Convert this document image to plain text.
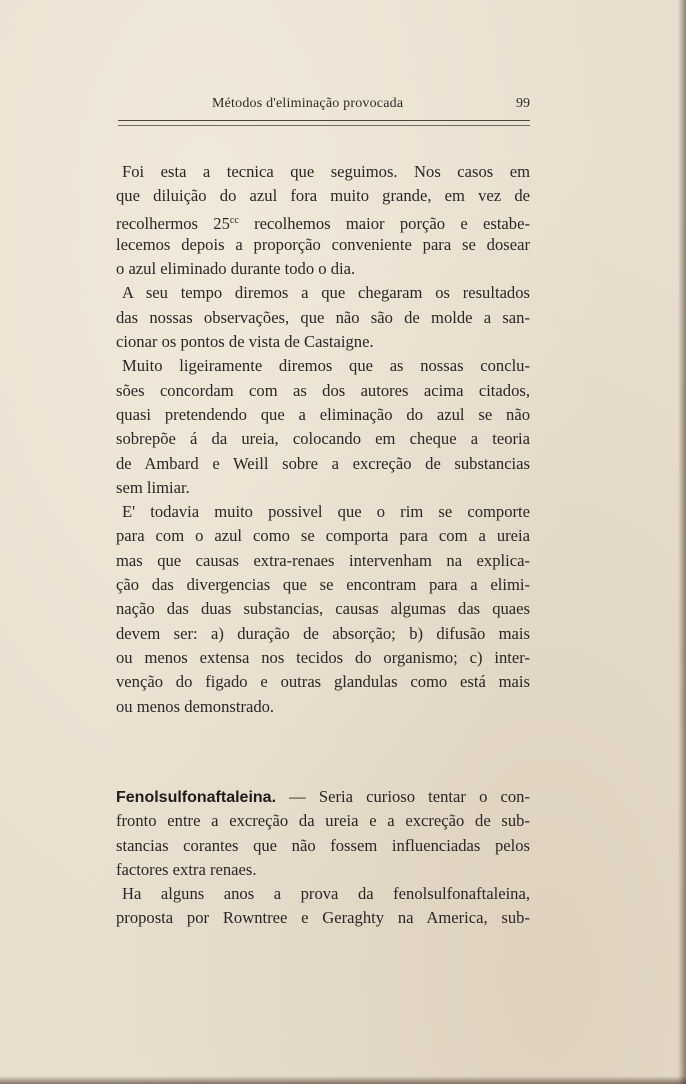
Métodos d'eliminação provocada	99
Foi esta a tecnica que seguimos. Nos casos em
que diluição do azul fora muito grande, em vez de
recolhermos $25^{cc}$ recolhemos maior porção e estabe-
lecemos depois a proporção conveniente para se dosear
o azul eliminado durante todo o dia.
A seu tempo diremos a que chegaram os resultados
das nossas observações, que não são de molde a san-
cionar os pontos de vista de Castaigne.
Muito ligeiramente diremos que as nossas conclu-
sões concordam com as dos autores acima citados,
quasi pretendendo que a eliminação do azul se não
sobrepõe á da ureia, colocando em cheque a teoria
de Ambard e Weill sobre a excreção de substancias
sem limiar.
E' todavia muito possivel que o rim se comporte
para com o azul como se comporta para com a ureia
mas que causas extra-renaes intervenham na explica-
ção das divergencias que se encontram para a elimi-
nação das duas substancias, causas algumas das quaes
devem ser: a) duração de absorção; b) difusão mais
ou menos extensa nos tecidos do organismo; c) inter-
venção do figado e outras glandulas como está mais
ou menos demonstrado.
Fenolsulfonaftaleina. — Seria curioso tentar o con-
fronto entre a excreção da ureia e a excreção de sub-
stancias corantes que não fossem influenciadas pelos
factores extra renaes.
Ha alguns anos a prova da fenolsulfonaftaleina,
proposta por Rowntree e Geraghty na America, sub-
